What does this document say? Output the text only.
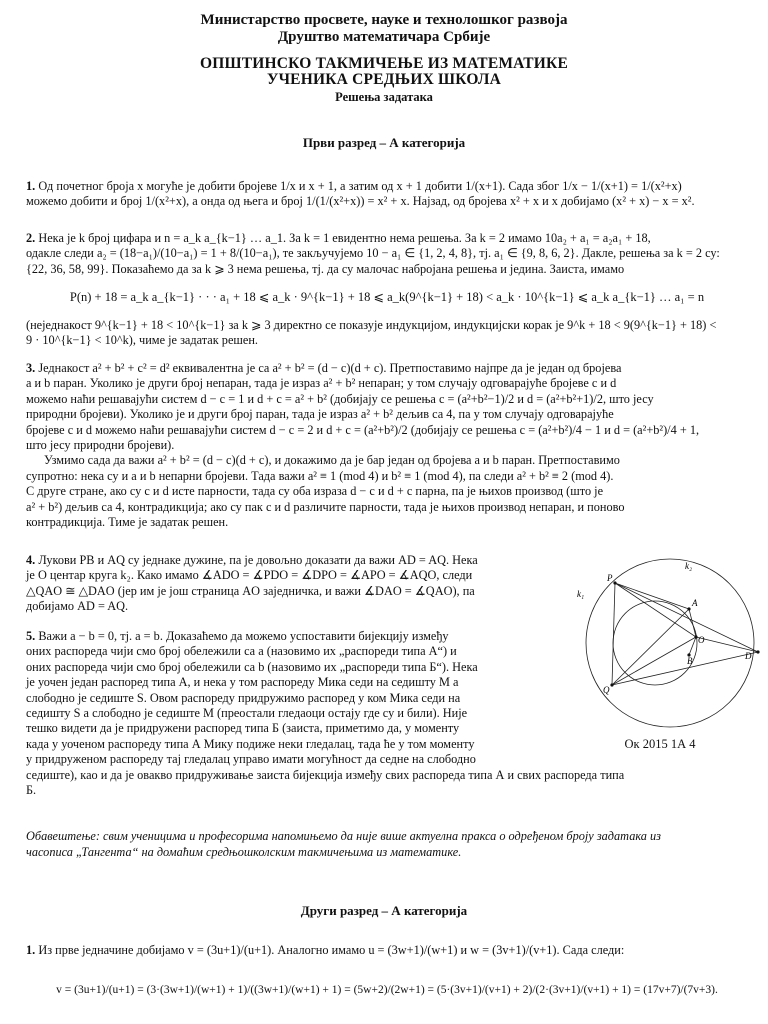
Министарство просвете, науке и технолошког развоја
Друштво математичара Србије
ОПШТИНСКО ТАКМИЧЕЊЕ ИЗ МАТЕМАТИКЕ
УЧЕНИКА СРЕДЊИХ ШКОЛА
Решења задатака
Први разред – А категорија

1. Од почетног броја x могуће је добити бројеве 1/x и x + 1, а затим од x + 1 добити 1/(x+1). Сада због 1/x − 1/(x+1) = 1/(x²+x)

можемо добити и број 1/(x²+x), а онда од њега и број 1/(1/(x²+x)) = x² + x. Најзад, од бројева x² + x и x добијамо (x² + x) − x = x².

2. Нека је k број цифара и n = a_k a_{k−1} … a_1. За k = 1 евидентно нема решења. За k = 2 имамо 10a₂ + a₁ = a₂a₁ + 18,

одакле следи a₂ = (18−a₁)/(10−a₁) = 1 + 8/(10−a₁), те закључујемо 10 − a₁ ∈ {1, 2, 4, 8}, тј. a₁ ∈ {9, 8, 6, 2}. Дакле, решења за k = 2 су:

{22, 36, 58, 99}. Показаћемо да за k ⩾ 3 нема решења, тј. да су малочас набројана решења и једина. Заиста, имамо

P(n) + 18 = a_k a_{k−1} · · · a₁ + 18 ⩽ a_k · 9^{k−1} + 18 ⩽ a_k(9^{k−1} + 18) < a_k · 10^{k−1} ⩽ a_k a_{k−1} … a₁ = n

(неједнакост 9^{k−1} + 18 < 10^{k−1} за k ⩾ 3 директно се показује индукцијом, индукцијски корак је 9^k + 18 < 9(9^{k−1} + 18) <

9 · 10^{k−1} < 10^k), чиме је задатак решен.

3. Једнакост a² + b² + c² = d² еквивалентна је са a² + b² = (d − c)(d + c). Претпоставимо најпре да је један од бројева

a и b паран. Уколико је други број непаран, тада је израз a² + b² непаран; у том случају одговарајуће бројеве c и d

можемо наћи решавајући систем d − c = 1 и d + c = a² + b² (добијају се решења c = (a²+b²−1)/2 и d = (a²+b²+1)/2, што јесу

природни бројеви). Уколико је и други број паран, тада је израз a² + b² дељив са 4, па у том случају одговарајуће

бројеве c и d можемо наћи решавајући систем d − c = 2 и d + c = (a²+b²)/2 (добијају се решења c = (a²+b²)/4 − 1 и d = (a²+b²)/4 + 1,

што јесу природни бројеви).

Узмимо сада да важи a² + b² = (d − c)(d + c), и докажимо да је бар један од бројева a и b паран. Претпоставимо

супротно: нека су и a и b непарни бројеви. Тада важи a² ≡ 1 (mod 4) и b² ≡ 1 (mod 4), па следи a² + b² ≡ 2 (mod 4).

С друге стране, ако су c и d исте парности, тада су оба израза d − c и d + c парна, па је њихов производ (што је

a² + b²) дељив са 4, контрадикција; ако су пак c и d различите парности, тада је њихов производ непаран, и поново

контрадикција. Тиме је задатак решен.

4. Лукови PB и AQ су једнаке дужине, па је довољно доказати да важи AD = AQ. Нека

је O центар круга k₂. Како имамо ∡ADO = ∡PDO = ∡DPO = ∡APO = ∡AQO, следи

△QAO ≅ △DAO (јер им је још страница AO заједничка, и важи ∡DAO = ∡QAO), па

добијамо AD = AQ.

5. Важи a − b = 0, тј. a = b. Доказаћемо да можемо успоставити бијекцију између

оних распореда чији смо број обележили са a (назовимо их „распореди типа А“) и

оних распореда чији смо број обележили са b (назовимо их „распореди типа Б“). Нека

је уочен један распоред типа А, и нека у том распореду Мика седи на седишту M а

слободно је седиште S. Овом распореду придружимо распоред у ком Мика седи на

седишту S а слободно је седиште M (преостали гледаоци остају где су и били). Није

тешко видети да је придружени распоред типа Б (заиста, приметимо да, у моменту

када у уоченом распореду типа А Мику подиже неки гледалац, тада ће у том моменту

у придруженом распореду тај гледалац управо имати могућност да седне на слободно

седиште), као и да је овакво придруживање заиста бијекција између свих распореда типа А и свих распореда типа

Б.

k₂
k₁
P
A
O
B	D
Q
Ок 2015 1А 4
Обавештење: свим ученицима и професорима напомињемо да није више актуелна пракса о одређеном броју задатака из
часописа „Тангента“ на домаћим средњошколским такмичењима из математике.
Други разред – А категорија

1. Из прве једначине добијамо v = (3u+1)/(u+1). Аналогно имамо u = (3w+1)/(w+1) и w = (3v+1)/(v+1). Сада следи:

v = (3u+1)/(u+1) = (3·(3w+1)/(w+1) + 1)/((3w+1)/(w+1) + 1) = (5w+2)/(2w+1) = (5·(3v+1)/(v+1) + 2)/(2·(3v+1)/(v+1) + 1) = (17v+7)/(7v+3).
